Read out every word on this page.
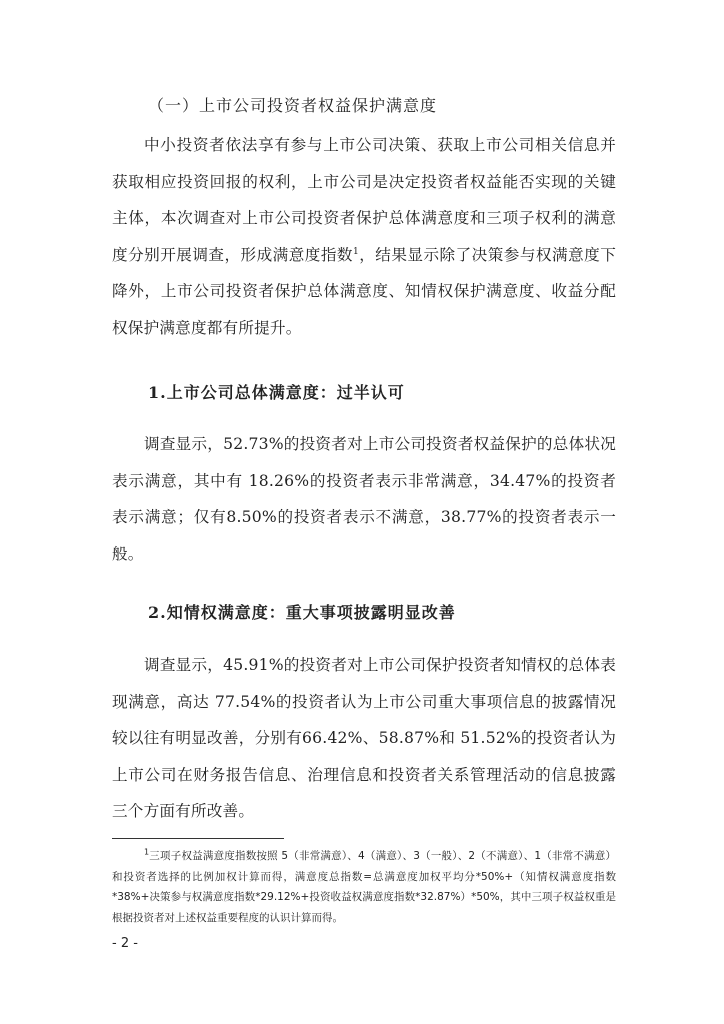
（一）上市公司投资者权益保护满意度

中小投资者依法享有参与上市公司决策、获取上市公司相关信息并获取相应投资回报的权利，上市公司是决定投资者权益能否实现的关键主体，本次调查对上市公司投资者保护总体满意度和三项子权利的满意度分别开展调查，形成满意度指数$^1$，结果显示除了决策参与权满意度下降外，上市公司投资者保护总体满意度、知情权保护满意度、收益分配权保护满意度都有所提升。

1.上市公司总体满意度：过半认可

调查显示，52.73%的投资者对上市公司投资者权益保护的总体状况表示满意，其中有 18.26%的投资者表示非常满意，34.47%的投资者表示满意；仅有8.50%的投资者表示不满意，38.77%的投资者表示一般。

2.知情权满意度：重大事项披露明显改善

调查显示，45.91%的投资者对上市公司保护投资者知情权的总体表现满意，高达 77.54%的投资者认为上市公司重大事项信息的披露情况较以往有明显改善，分别有66.42%、58.87%和 51.52%的投资者认为上市公司在财务报告信息、治理信息和投资者关系管理活动的信息披露三个方面有所改善。

$^1$三项子权益满意度指数按照 5（非常满意）、4（满意）、3（一般）、2（不满意）、1（非常不满意）和投资者选择的比例加权计算而得，满意度总指数=总满意度加权平均分*50%+（知情权满意度指数*38%+决策参与权满意度指数*29.12%+投资收益权满意度指数*32.87%）*50%，其中三项子权益权重是根据投资者对上述权益重要程度的认识计算而得。

- 2 -
